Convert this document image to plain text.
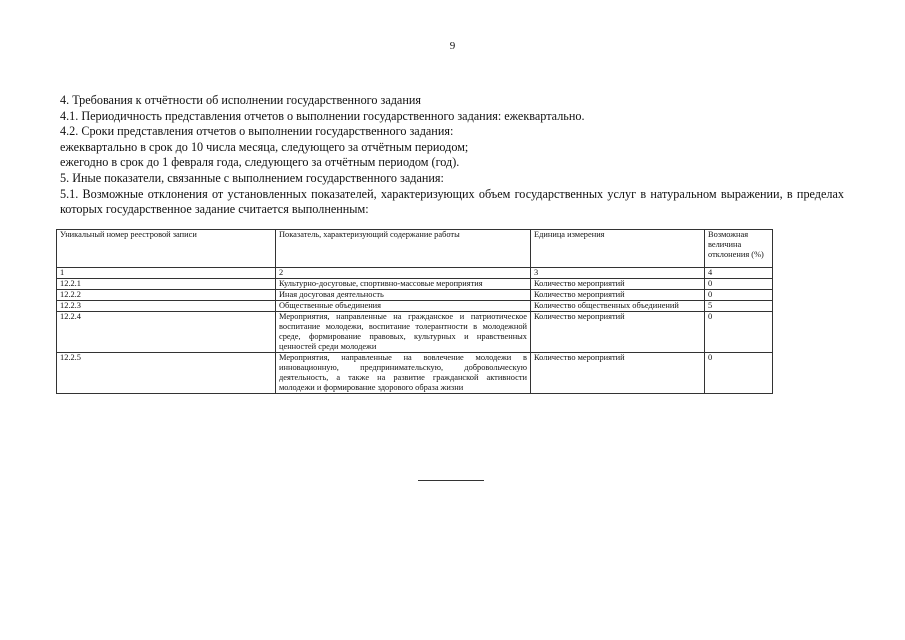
9

4. Требования к отчётности об исполнении государственного задания

4.1. Периодичность представления отчетов о выполнении государственного задания: ежеквартально.

4.2. Сроки представления отчетов о выполнении государственного задания:

ежеквартально в срок до 10 числа месяца, следующего за отчётным периодом;

ежегодно в срок до 1 февраля года, следующего за отчётным периодом (год).

5. Иные показатели, связанные с выполнением государственного задания:

5.1. Возможные отклонения от установленных показателей, характеризующих объем государственных услуг в натуральном выражении, в пределах которых государственное задание считается выполненным:

Уникальный номер реестровой записи	Показатель, характеризующий содержание работы	Единица измерения	Возможная величина отклонения (%)
1	2	3	4
12.2.1	Культурно-досуговые, спортивно-массовые мероприятия	Количество мероприятий	0
12.2.2	Иная досуговая деятельность	Количество мероприятий	0
12.2.3	Общественные объединения	Количество общественных объединений	5
12.2.4	Мероприятия, направленные на гражданское и патриотическое воспитание молодежи, воспитание толерантности в молодежной среде, формирование правовых, культурных и нравственных ценностей среди молодежи	Количество мероприятий	0
12.2.5	Мероприятия, направленные на вовлечение молодежи в инновационную, предпринимательскую, добровольческую деятельность, а также на развитие гражданской активности молодежи и формирование здорового образа жизни	Количество мероприятий	0
